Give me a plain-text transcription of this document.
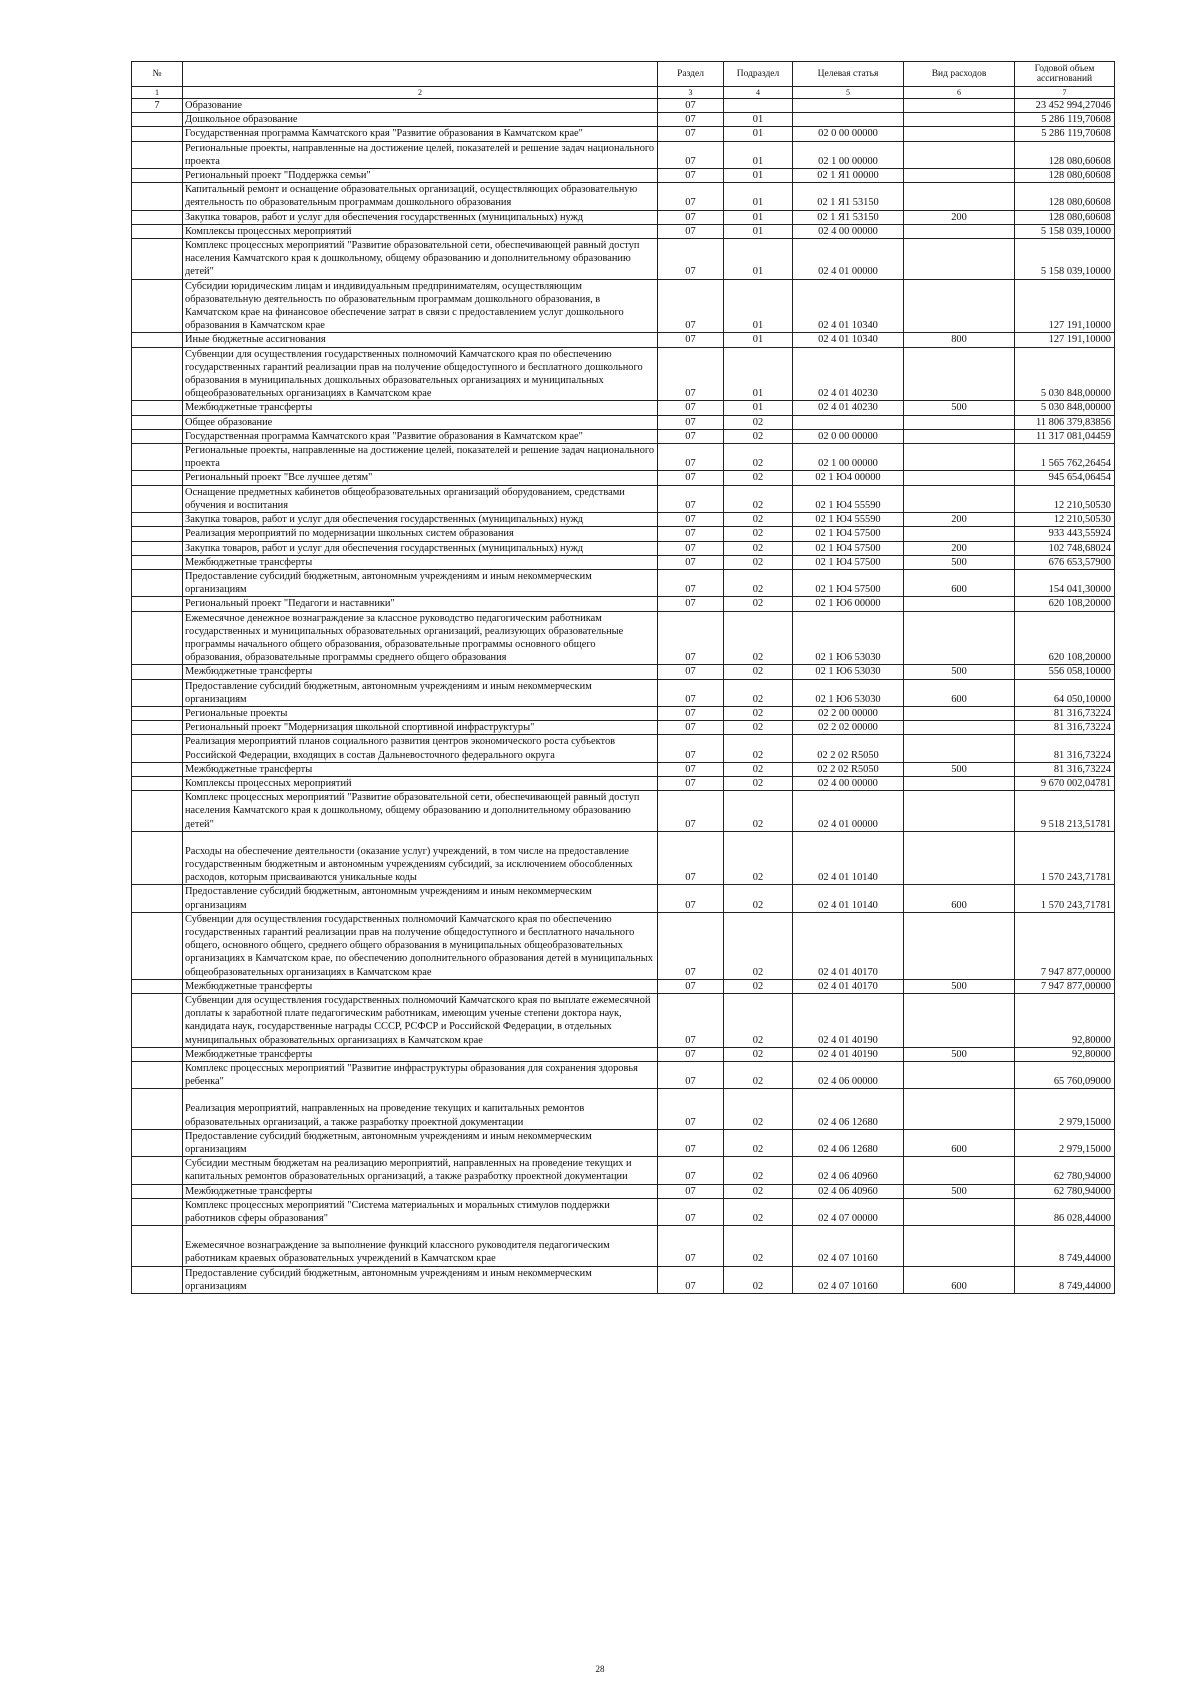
№		Раздел	Подраздел	Целевая статья	Вид расходов	Годовой объем ассигнований
1	2	3	4	5	6	7
7	Образование	07				23 452 994,27046
	Дошкольное образование	07	01			5 286 119,70608
	Государственная программа Камчатского края "Развитие образования в Камчатском крае"	07	01	02 0 00 00000		5 286 119,70608
	Региональные проекты, направленные на достижение целей, показателей и решение задач национального проекта	07	01	02 1 00 00000		128 080,60608
	Региональный проект "Поддержка семьи"	07	01	02 1 Я1 00000		128 080,60608
	Капитальный ремонт и оснащение образовательных организаций, осуществляющих образовательную деятельность по образовательным программам дошкольного образования	07	01	02 1 Я1 53150		128 080,60608
	Закупка товаров, работ и услуг для обеспечения государственных (муниципальных) нужд	07	01	02 1 Я1 53150	200	128 080,60608
	Комплексы процессных мероприятий	07	01	02 4 00 00000		5 158 039,10000
	Комплекс процессных мероприятий "Развитие образовательной сети, обеспечивающей равный доступ населения Камчатского края к дошкольному, общему образованию и дополнительному образованию детей"	07	01	02 4 01 00000		5 158 039,10000
	Субсидии юридическим лицам и индивидуальным предпринимателям, осуществляющим образовательную деятельность по образовательным программам дошкольного образования, в Камчатском крае на финансовое обеспечение затрат в связи с предоставлением услуг дошкольного образования в Камчатском крае	07	01	02 4 01 10340		127 191,10000
	Иные бюджетные ассигнования	07	01	02 4 01 10340	800	127 191,10000
	Субвенции для осуществления государственных полномочий Камчатского края по обеспечению государственных гарантий реализации прав на получение общедоступного и бесплатного дошкольного образования в муниципальных дошкольных образовательных организациях и муниципальных общеобразовательных организациях в Камчатском крае	07	01	02 4 01 40230		5 030 848,00000
	Межбюджетные трансферты	07	01	02 4 01 40230	500	5 030 848,00000
	Общее образование	07	02			11 806 379,83856
	Государственная программа Камчатского края "Развитие образования в Камчатском крае"	07	02	02 0 00 00000		11 317 081,04459
	Региональные проекты, направленные на достижение целей, показателей и решение задач национального проекта	07	02	02 1 00 00000		1 565 762,26454
	Региональный проект "Все лучшее детям"	07	02	02 1 Ю4 00000		945 654,06454
	Оснащение предметных кабинетов общеобразовательных организаций оборудованием, средствами обучения и воспитания	07	02	02 1 Ю4 55590		12 210,50530
	Закупка товаров, работ и услуг для обеспечения государственных (муниципальных) нужд	07	02	02 1 Ю4 55590	200	12 210,50530
	Реализация мероприятий по модернизации школьных систем образования	07	02	02 1 Ю4 57500		933 443,55924
	Закупка товаров, работ и услуг для обеспечения государственных (муниципальных) нужд	07	02	02 1 Ю4 57500	200	102 748,68024
	Межбюджетные трансферты	07	02	02 1 Ю4 57500	500	676 653,57900
	Предоставление субсидий бюджетным, автономным учреждениям и иным некоммерческим организациям	07	02	02 1 Ю4 57500	600	154 041,30000
	Региональный проект "Педагоги и наставники"	07	02	02 1 Ю6 00000		620 108,20000
	Ежемесячное денежное вознаграждение за классное руководство педагогическим работникам государственных и муниципальных образовательных организаций, реализующих образовательные программы начального общего образования, образовательные программы основного общего образования, образовательные программы среднего общего образования	07	02	02 1 Ю6 53030		620 108,20000
	Межбюджетные трансферты	07	02	02 1 Ю6 53030	500	556 058,10000
	Предоставление субсидий бюджетным, автономным учреждениям и иным некоммерческим организациям	07	02	02 1 Ю6 53030	600	64 050,10000
	Региональные проекты	07	02	02 2 00 00000		81 316,73224
	Региональный проект "Модернизация школьной спортивной инфраструктуры"	07	02	02 2 02 00000		81 316,73224
	Реализация мероприятий планов социального развития центров экономического роста субъектов Российской Федерации, входящих в состав Дальневосточного федерального округа	07	02	02 2 02 R5050		81 316,73224
	Межбюджетные трансферты	07	02	02 2 02 R5050	500	81 316,73224
	Комплексы процессных мероприятий	07	02	02 4 00 00000		9 670 002,04781
	Комплекс процессных мероприятий "Развитие образовательной сети, обеспечивающей равный доступ населения Камчатского края к дошкольному, общему образованию и дополнительному образованию детей"	07	02	02 4 01 00000		9 518 213,51781
	Расходы на обеспечение деятельности (оказание услуг) учреждений, в том числе на предоставление государственным бюджетным и автономным учреждениям субсидий, за исключением обособленных расходов, которым присваиваются уникальные коды	07	02	02 4 01 10140		1 570 243,71781
	Предоставление субсидий бюджетным, автономным учреждениям и иным некоммерческим организациям	07	02	02 4 01 10140	600	1 570 243,71781
	Субвенции для осуществления государственных полномочий Камчатского края по обеспечению государственных гарантий реализации прав на получение общедоступного и бесплатного начального общего, основного общего, среднего общего образования в муниципальных общеобразовательных организациях в Камчатском крае, по обеспечению дополнительного образования детей в муниципальных общеобразовательных организациях в Камчатском крае	07	02	02 4 01 40170		7 947 877,00000
	Межбюджетные трансферты	07	02	02 4 01 40170	500	7 947 877,00000
	Субвенции для осуществления государственных полномочий Камчатского края по выплате ежемесячной доплаты к заработной плате педагогическим работникам, имеющим ученые степени доктора наук, кандидата наук, государственные награды СССР, РСФСР и Российской Федерации, в отдельных муниципальных образовательных организациях в Камчатском крае	07	02	02 4 01 40190		92,80000
	Межбюджетные трансферты	07	02	02 4 01 40190	500	92,80000
	Комплекс процессных мероприятий "Развитие инфраструктуры образования для сохранения здоровья ребенка"	07	02	02 4 06 00000		65 760,09000
	Реализация мероприятий, направленных на проведение текущих и капитальных ремонтов образовательных организаций, а также разработку проектной документации	07	02	02 4 06 12680		2 979,15000
	Предоставление субсидий бюджетным, автономным учреждениям и иным некоммерческим организациям	07	02	02 4 06 12680	600	2 979,15000
	Субсидии местным бюджетам на реализацию мероприятий, направленных на проведение текущих и капитальных ремонтов образовательных организаций, а также разработку проектной документации	07	02	02 4 06 40960		62 780,94000
	Межбюджетные трансферты	07	02	02 4 06 40960	500	62 780,94000
	Комплекс процессных мероприятий "Система материальных и моральных стимулов поддержки работников сферы образования"	07	02	02 4 07 00000		86 028,44000
	Ежемесячное вознаграждение за выполнение функций классного руководителя педагогическим работникам краевых образовательных учреждений в Камчатском крае	07	02	02 4 07 10160		8 749,44000
	Предоставление субсидий бюджетным, автономным учреждениям и иным некоммерческим организациям	07	02	02 4 07 10160	600	8 749,44000
28
